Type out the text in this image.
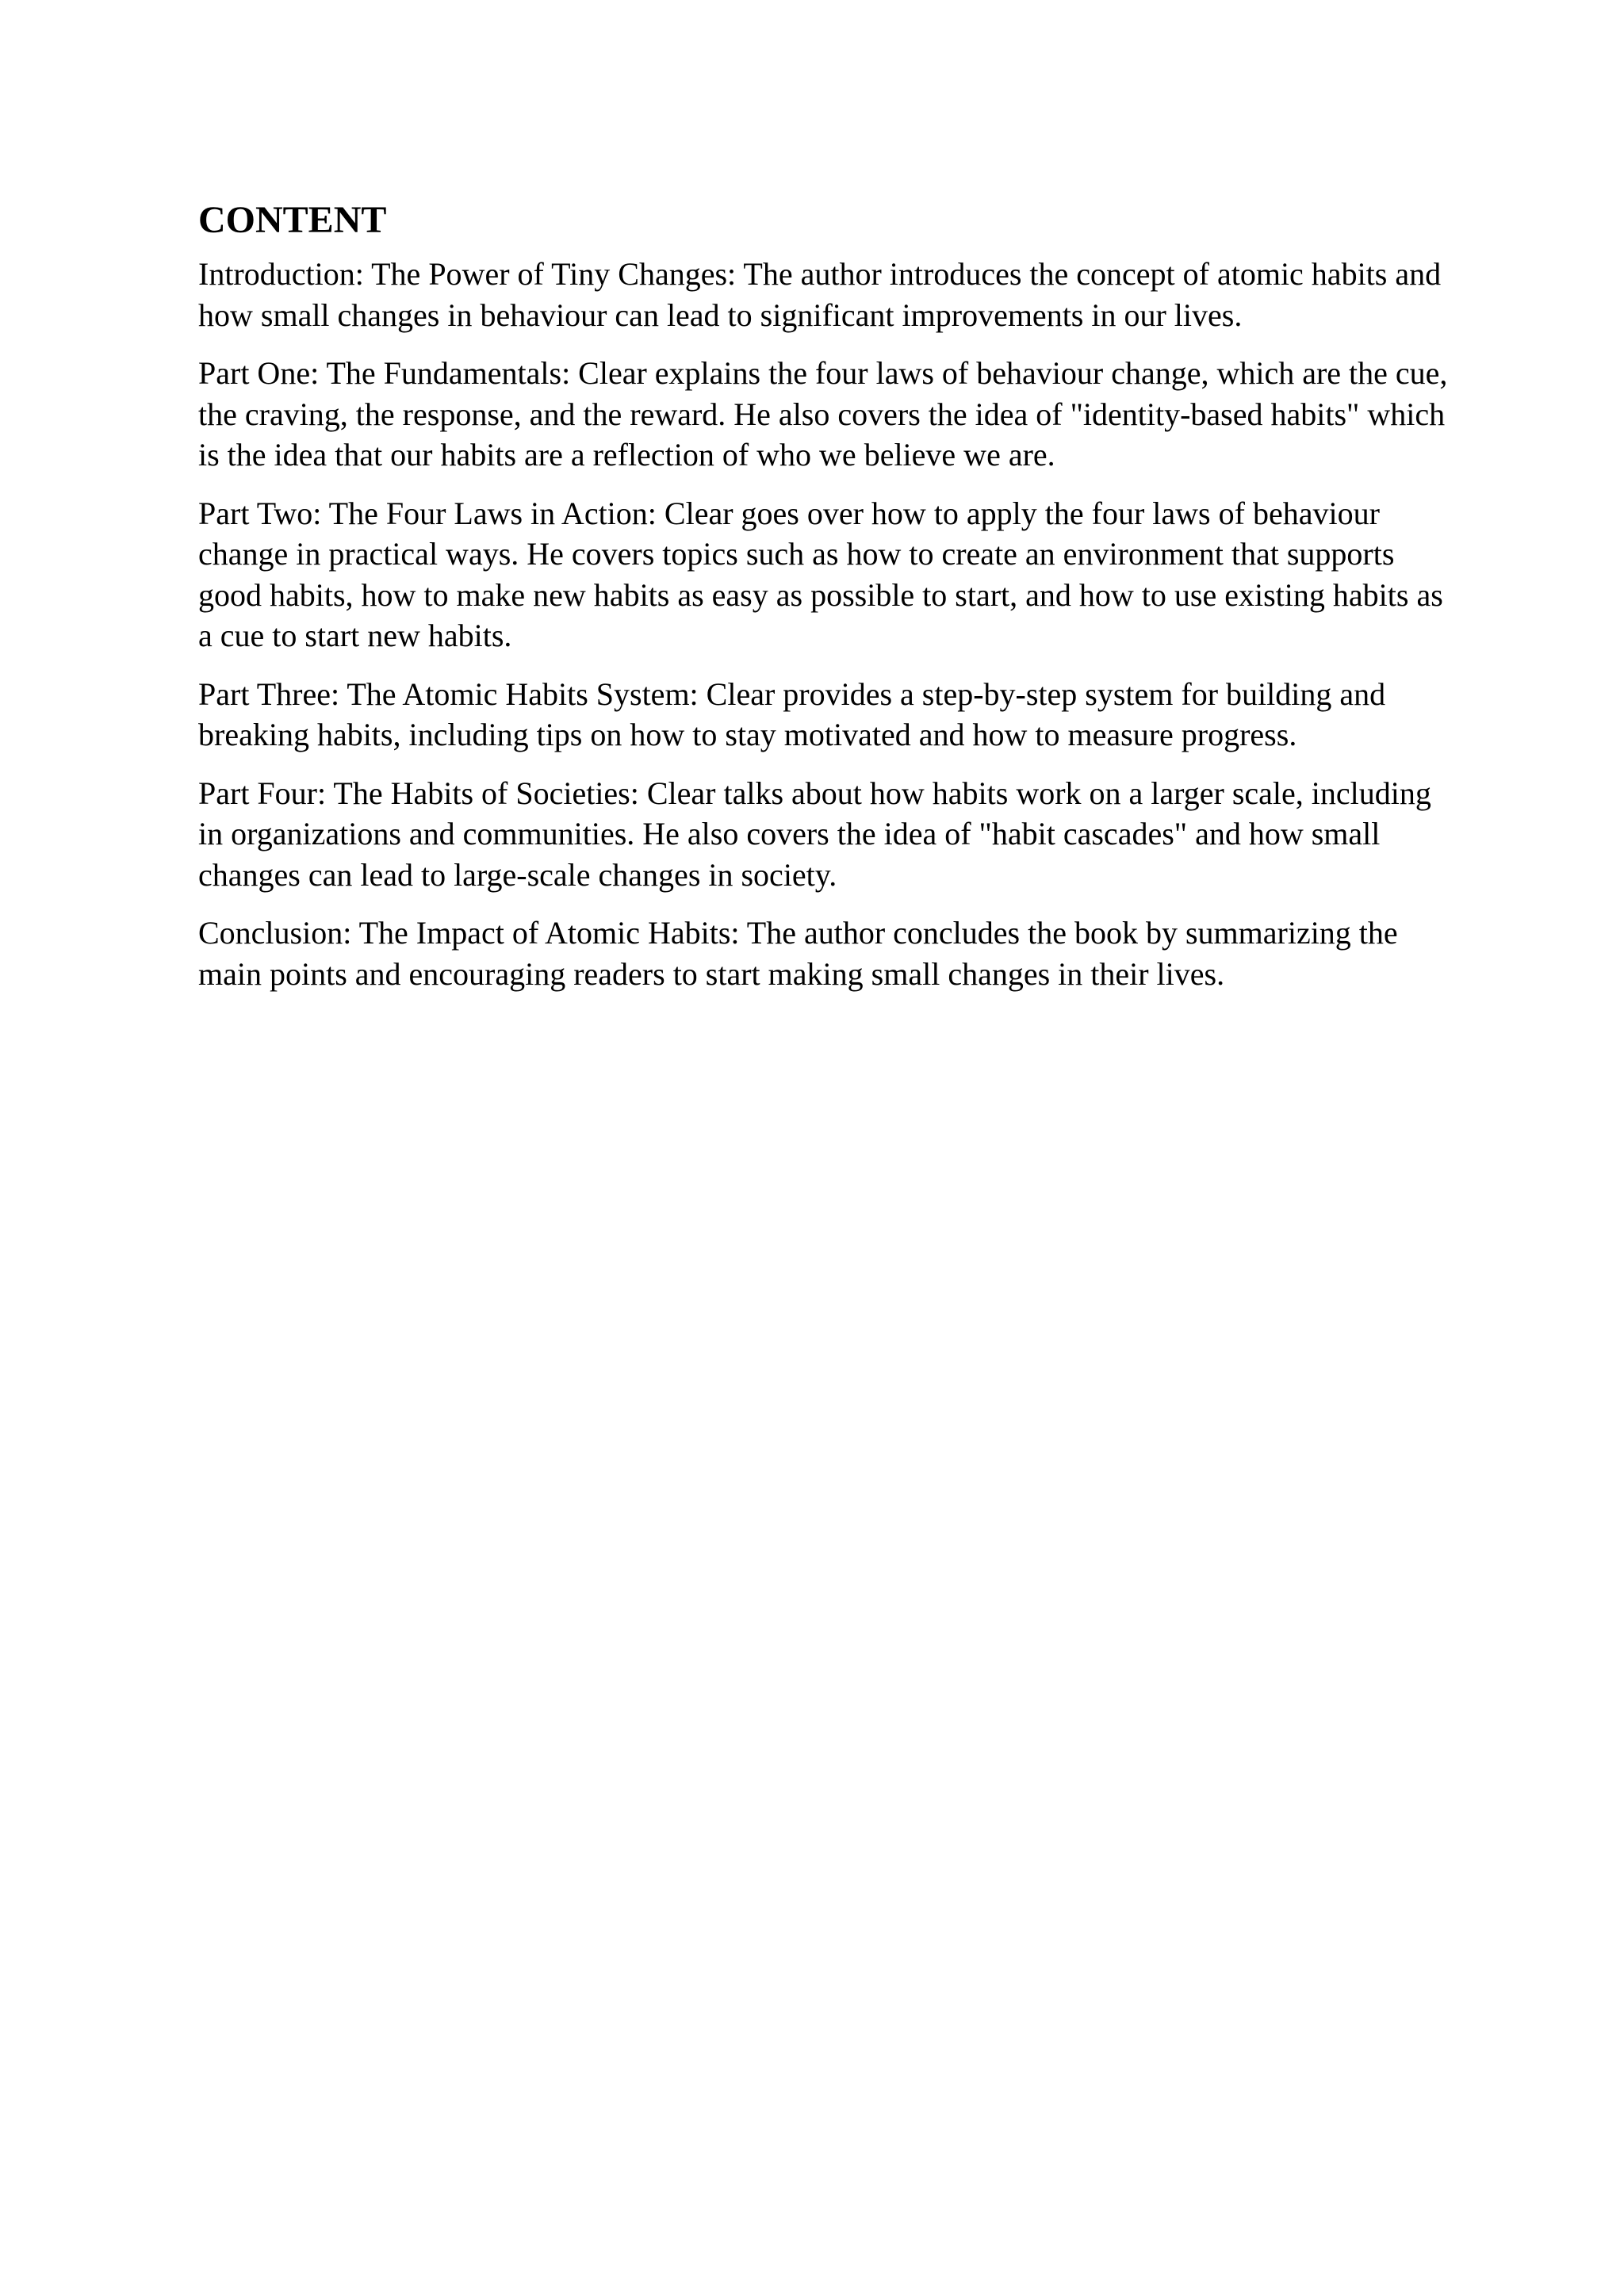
CONTENT

Introduction: The Power of Tiny Changes: The author introduces the concept of atomic habits and how small changes in behaviour can lead to significant improvements in our lives.

Part One: The Fundamentals: Clear explains the four laws of behaviour change, which are the cue, the craving, the response, and the reward. He also covers the idea of "identity-based habits" which is the idea that our habits are a reflection of who we believe we are.

Part Two: The Four Laws in Action: Clear goes over how to apply the four laws of behaviour change in practical ways. He covers topics such as how to create an environment that supports good habits, how to make new habits as easy as possible to start, and how to use existing habits as a cue to start new habits.

Part Three: The Atomic Habits System: Clear provides a step-by-step system for building and breaking habits, including tips on how to stay motivated and how to measure progress.

Part Four: The Habits of Societies: Clear talks about how habits work on a larger scale, including in organizations and communities. He also covers the idea of "habit cascades" and how small changes can lead to large-scale changes in society.

Conclusion: The Impact of Atomic Habits: The author concludes the book by summarizing the main points and encouraging readers to start making small changes in their lives.
